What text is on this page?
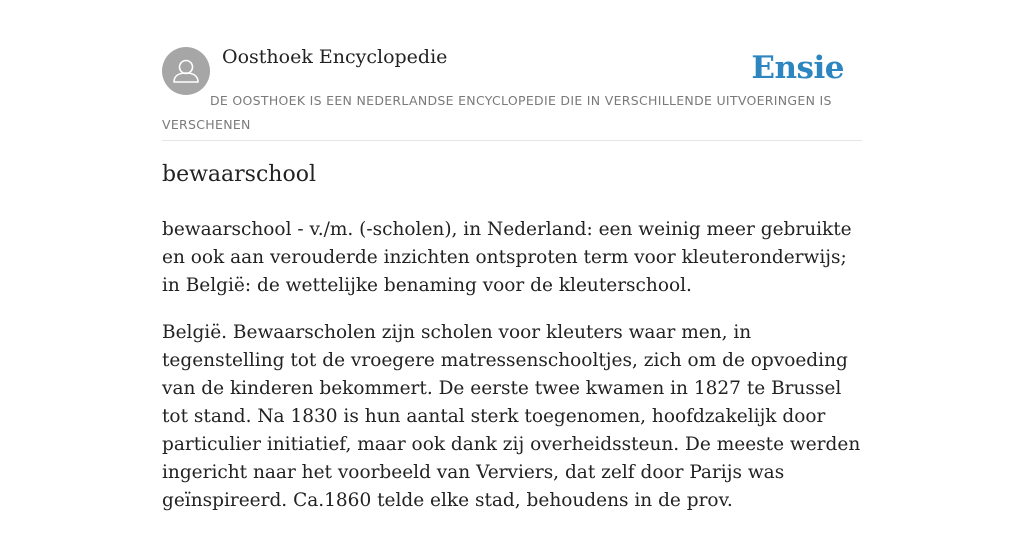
Oosthoek Encyclopedie	Ensie
DE OOSTHOEK IS EEN NEDERLANDSE ENCYCLOPEDIE DIE IN VERSCHILLENDE UITVOERINGEN IS VERSCHENEN
bewaarschool

bewaarschool - v./m. (-scholen), in Nederland: een weinig meer gebruikte en ook aan verouderde inzichten ontsproten term voor kleuteronderwijs; in België: de wettelijke benaming voor de kleuterschool.

België. Bewaarscholen zijn scholen voor kleuters waar men, in tegenstelling tot de vroegere matressenschooltjes, zich om de opvoeding van de kinderen bekommert. De eerste twee kwamen in 1827 te Brussel tot stand. Na 1830 is hun aantal sterk toegenomen, hoofdzakelijk door particulier initiatief, maar ook dank zij overheidssteun. De meeste werden ingericht naar het voorbeeld van Verviers, dat zelf door Parijs was geïnspireerd. Ca.1860 telde elke stad, behoudens in de prov.
